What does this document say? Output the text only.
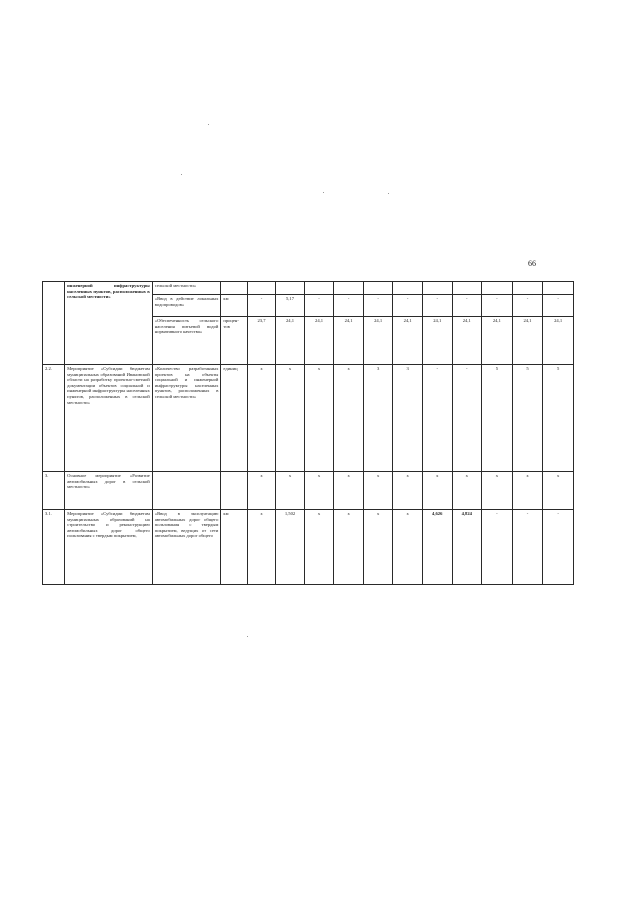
66
	инженерной инфраструктуры населенных пунктов, расположенных в сельской местности»	сельской местности»												
		«Ввод в действие локальных водопроводов»	км	-	5,17	-	-	-	-	-	-	-	-	-
		«Обеспеченность сельского населения питьевой водой нормативного качества»	процен-тов	23,7	24,1	24,1	24,1	24,1	24,1	24,1	24,1	24,1	24,1	24,1
2.2.	Мероприятие «Субсидии бюджетам муниципальных образований Ивановской области на разработку проектно-сметной документации объектов социальной и инженерной инфраструктуры населенных пунктов, расположенных в сельской местности»	«Количество разработанных проектов на объекты социальной и инженерной инфраструктуры населенных пунктов, расположенных в сельской местности»	единиц	х	х	х	х	3	3	-	-	5	5	5
3.	Основное мероприятие «Развитие автомобильных дорог в сельской местности»			х	х	х	х	х	х	х	х	х	х	х
3.1.	Мероприятие «Субсидии бюджетам муниципальных образований на строительство и реконструкцию автомобильных дорог общего пользования с твердым покрытием,	«Ввод в эксплуатацию автомобильных дорог общего пользования с твердым покрытием, ведущих от сети автомобильных дорог общего	км	х	1,502	х	х	х	х	4,626	4,824	-	-	-
